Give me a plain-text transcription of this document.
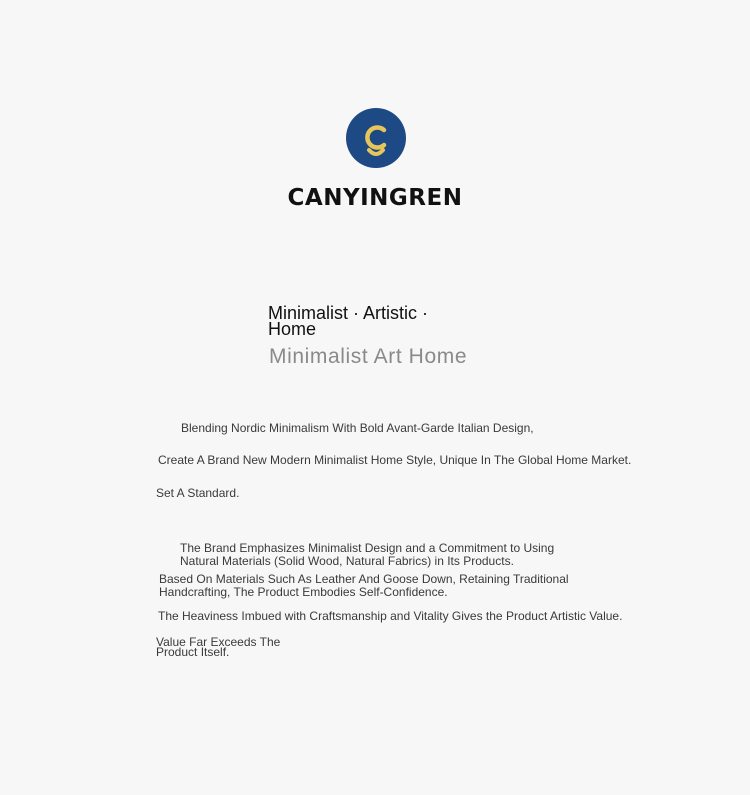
CANYINGREN
Minimalist · Artistic · Home
Minimalist Art Home
Blending Nordic Minimalism With Bold Avant-Garde Italian Design,
Create A Brand New Modern Minimalist Home Style, Unique In The Global Home Market.
Set A Standard.
The Brand Emphasizes Minimalist Design and a Commitment to Using Natural Materials (Solid Wood, Natural Fabrics) in Its Products.
Based On Materials Such As Leather And Goose Down, Retaining Traditional Handcrafting, The Product Embodies Self-Confidence.
The Heaviness Imbued with Craftsmanship and Vitality Gives the Product Artistic Value.
Value Far Exceeds The Product Itself.
